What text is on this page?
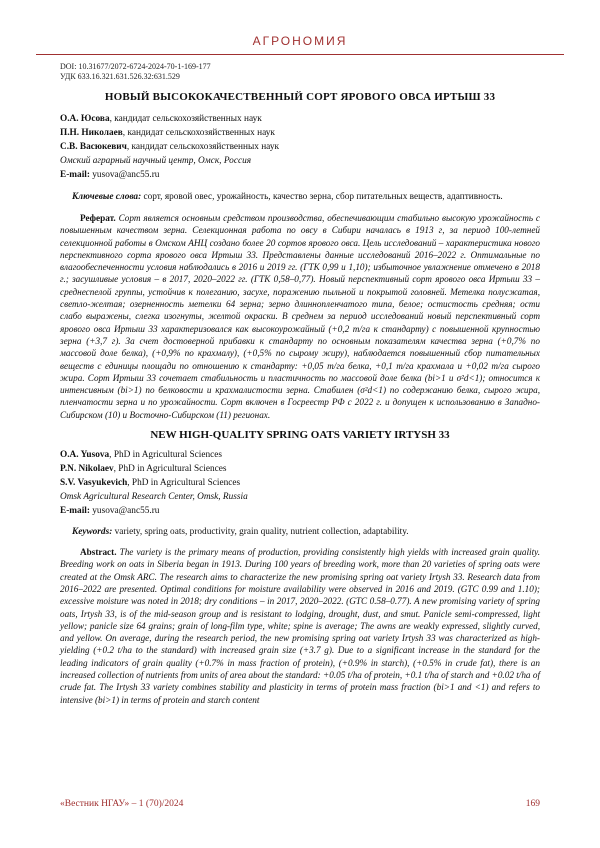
АГРОНОМИЯ
DOI: 10.31677/2072-6724-2024-70-1-169-177
УДК 633.16.321.631.526.32:631.529
НОВЫЙ ВЫСОКОКАЧЕСТВЕННЫЙ СОРТ ЯРОВОГО ОВСА ИРТЫШ 33
О.А. Юсова, кандидат сельскохозяйственных наук
П.Н. Николаев, кандидат сельскохозяйственных наук
С.В. Васюкевич, кандидат сельскохозяйственных наук
Омский аграрный научный центр, Омск, Россия
E-mail: yusova@anc55.ru
Ключевые слова: сорт, яровой овес, урожайность, качество зерна, сбор питательных веществ, адаптивность.
Реферат. Сорт является основным средством производства, обеспечивающим стабильно высокую урожайность с повышенным качеством зерна. Селекционная работа по овсу в Сибири началась в 1913 г, за период 100-летней селекционной работы в Омском АНЦ создано более 20 сортов ярового овса. Цель исследований – характеристика нового перспективного сорта ярового овса Иртыш 33. Представлены данные исследований 2016–2022 г. Оптимальные по влагообеспеченности условия наблюдались в 2016 и 2019 гг. (ГТК 0,99 и 1,10); избыточное увлажнение отмечено в 2018 г.; засушливые условия – в 2017, 2020–2022 гг. (ГТК 0,58–0,77). Новый перспективный сорт ярового овса Иртыш 33 – среднеспелой группы, устойчив к полеганию, засухе, поражению пыльной и покрытой головней. Метелка полусжатая, светло-желтая; озерненность метелки 64 зерна; зерно длиннопленчатого типа, белое; остистость средняя; ости слабо выражены, слегка изогнуты, желтой окраски. В среднем за период исследований новый перспективный сорт ярового овса Иртыш 33 характеризовался как высокоурожайный (+0,2 т/га к стандарту) с повышенной крупностью зерна (+3,7 г). За счет достоверной прибавки к стандарту по основным показателям качества зерна (+0,7% по массовой доле белка), (+0,9% по крахмалу), (+0,5% по сырому жиру), наблюдается повышенный сбор питательных веществ с единицы площади по отношению к стандарту: +0,05 т/га белка, +0,1 т/га крахмала и +0,02 т/га сырого жира. Сорт Иртыш 33 сочетает стабильность и пластичность по массовой доле белка (bi>1 и σ²d<1); относится к интенсивным (bi>1) по белковости и крахмалистости зерна. Стабилен (σ²d<1) по содержанию белка, сырого жира, пленчатости зерна и по урожайности. Сорт включен в Госреестр РФ с 2022 г. и допущен к использованию в Западно-Сибирском (10) и Восточно-Сибирском (11) регионах.
NEW HIGH-QUALITY SPRING OATS VARIETY IRTYSH 33
O.A. Yusova, PhD in Agricultural Sciences
P.N. Nikolaev, PhD in Agricultural Sciences
S.V. Vasyukevich, PhD in Agricultural Sciences
Omsk Agricultural Research Center, Omsk, Russia
E-mail: yusova@anc55.ru
Keywords: variety, spring oats, productivity, grain quality, nutrient collection, adaptability.
Abstract. The variety is the primary means of production, providing consistently high yields with increased grain quality. Breeding work on oats in Siberia began in 1913. During 100 years of breeding work, more than 20 varieties of spring oats were created at the Omsk ARC. The research aims to characterize the new promising spring oat variety Irtysh 33. Research data from 2016–2022 are presented. Optimal conditions for moisture availability were observed in 2016 and 2019. (GTC 0.99 and 1.10); excessive moisture was noted in 2018; dry conditions – in 2017, 2020–2022. (GTC 0.58–0.77). A new promising variety of spring oats, Irtysh 33, is of the mid-season group and is resistant to lodging, drought, dust, and smut. Panicle semi-compressed, light yellow; panicle size 64 grains; grain of long-film type, white; spine is average; The awns are weakly expressed, slightly curved, and yellow. On average, during the research period, the new promising spring oat variety Irtysh 33 was characterized as high-yielding (+0.2 t/ha to the standard) with increased grain size (+3.7 g). Due to a significant increase in the standard for the leading indicators of grain quality (+0.7% in mass fraction of protein), (+0.9% in starch), (+0.5% in crude fat), there is an increased collection of nutrients from units of area about the standard: +0.05 t/ha of protein, +0.1 t/ha of starch and +0.02 t/ha of crude fat. The Irtysh 33 variety combines stability and plasticity in terms of protein mass fraction (bi>1 and <1) and refers to intensive (bi>1) in terms of protein and starch content
«Вестник НГАУ» – 1 (70)/2024	169
